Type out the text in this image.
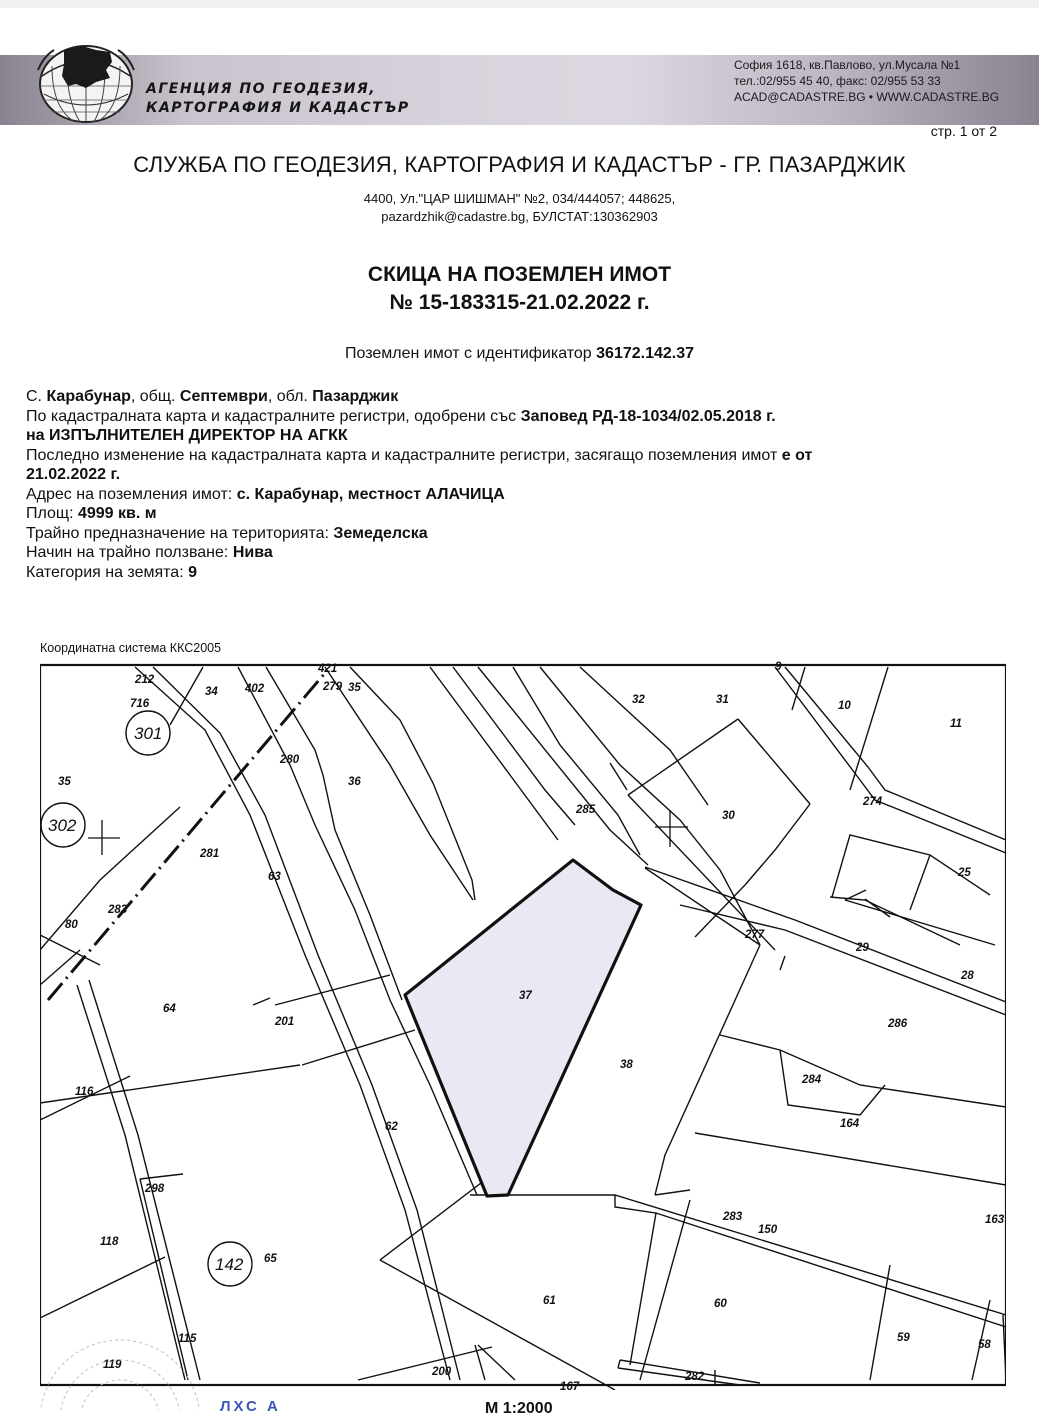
АГЕНЦИЯ ПО ГЕОДЕЗИЯ,
КАРТОГРАФИЯ И КАДАСТЪР
София 1618, кв.Павлово, ул.Мусала №1
тел.:02/955 45 40, факс: 02/955 53 33
ACAD@CADASTRE.BG • WWW.CADASTRE.BG
стр. 1 от 2
СЛУЖБА ПО ГЕОДЕЗИЯ, КАРТОГРАФИЯ И КАДАСТЪР - ГР. ПАЗАРДЖИК
4400, Ул."ЦАР ШИШМАН" №2, 034/444057; 448625,
pazardzhik@cadastre.bg, БУЛСТАТ:130362903
СКИЦА НА ПОЗЕМЛЕН ИМОТ
№ 15-183315-21.02.2022 г.
Поземлен имот с идентификатор 36172.142.37
С. Карабунар, общ. Септември, обл. Пазарджик
По кадастралната карта и кадастралните регистри, одобрени със Заповед РД-18-1034/02.05.2018 г.
на ИЗПЪЛНИТЕЛЕН ДИРЕКТОР НА АГКК
Последно изменение на кадастралната карта и кадастралните регистри, засягащо поземления имот е от
21.02.2022 г.
Адрес на поземления имот: с. Карабунар, местност АЛАЧИЦА
Площ: 4999 кв. м
Трайно предназначение на територията: Земеделска
Начин на трайно ползване: Нива
Категория на земята: 9
Координатна система ККС2005
301
302
142
212
716
34 402
421
279 35
35
280
36
63
281
283
80
64
201
116
62
298
118
65
115
119
200
167
32	31
9
10
11
274
285	30
25
277
29
28
37
286
38
284
164
283
150
163
61	60
59
58
282
ЛХС А	М 1:2000
